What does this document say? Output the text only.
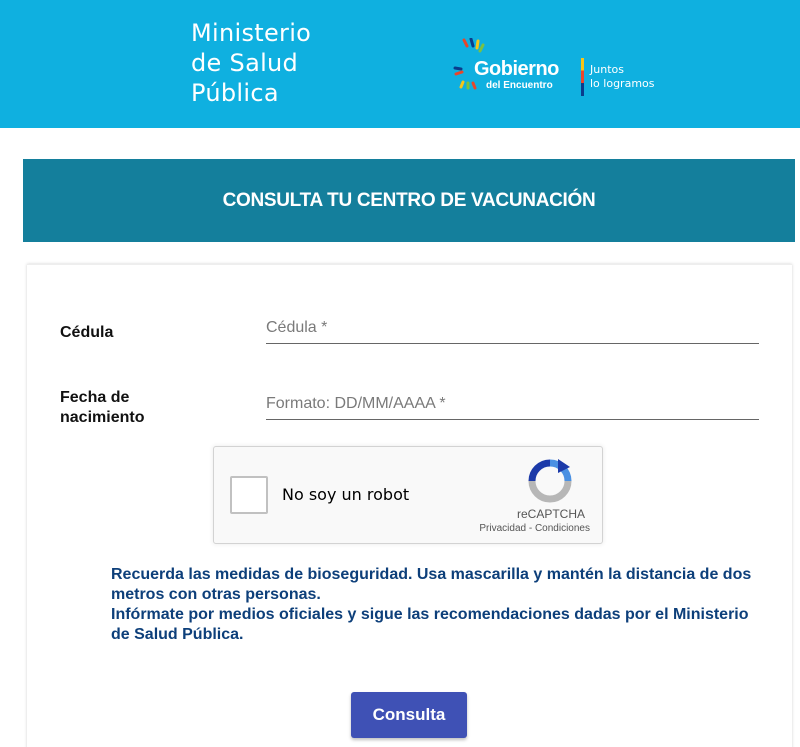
Ministerio
de Salud
Pública
Gobierno
del Encuentro
Juntos
lo logramos
CONSULTA TU CENTRO DE VACUNACIÓN
Cédula
Cédula *
Fecha de
nacimiento
Formato: DD/MM/AAAA *
No soy un robot
reCAPTCHA
Privacidad - Condiciones

Recuerda las medidas de bioseguridad. Usa mascarilla y mantén la distancia de dos metros con otras personas.

Infórmate por medios oficiales y sigue las recomendaciones dadas por el Ministerio de Salud Pública.

Consulta
